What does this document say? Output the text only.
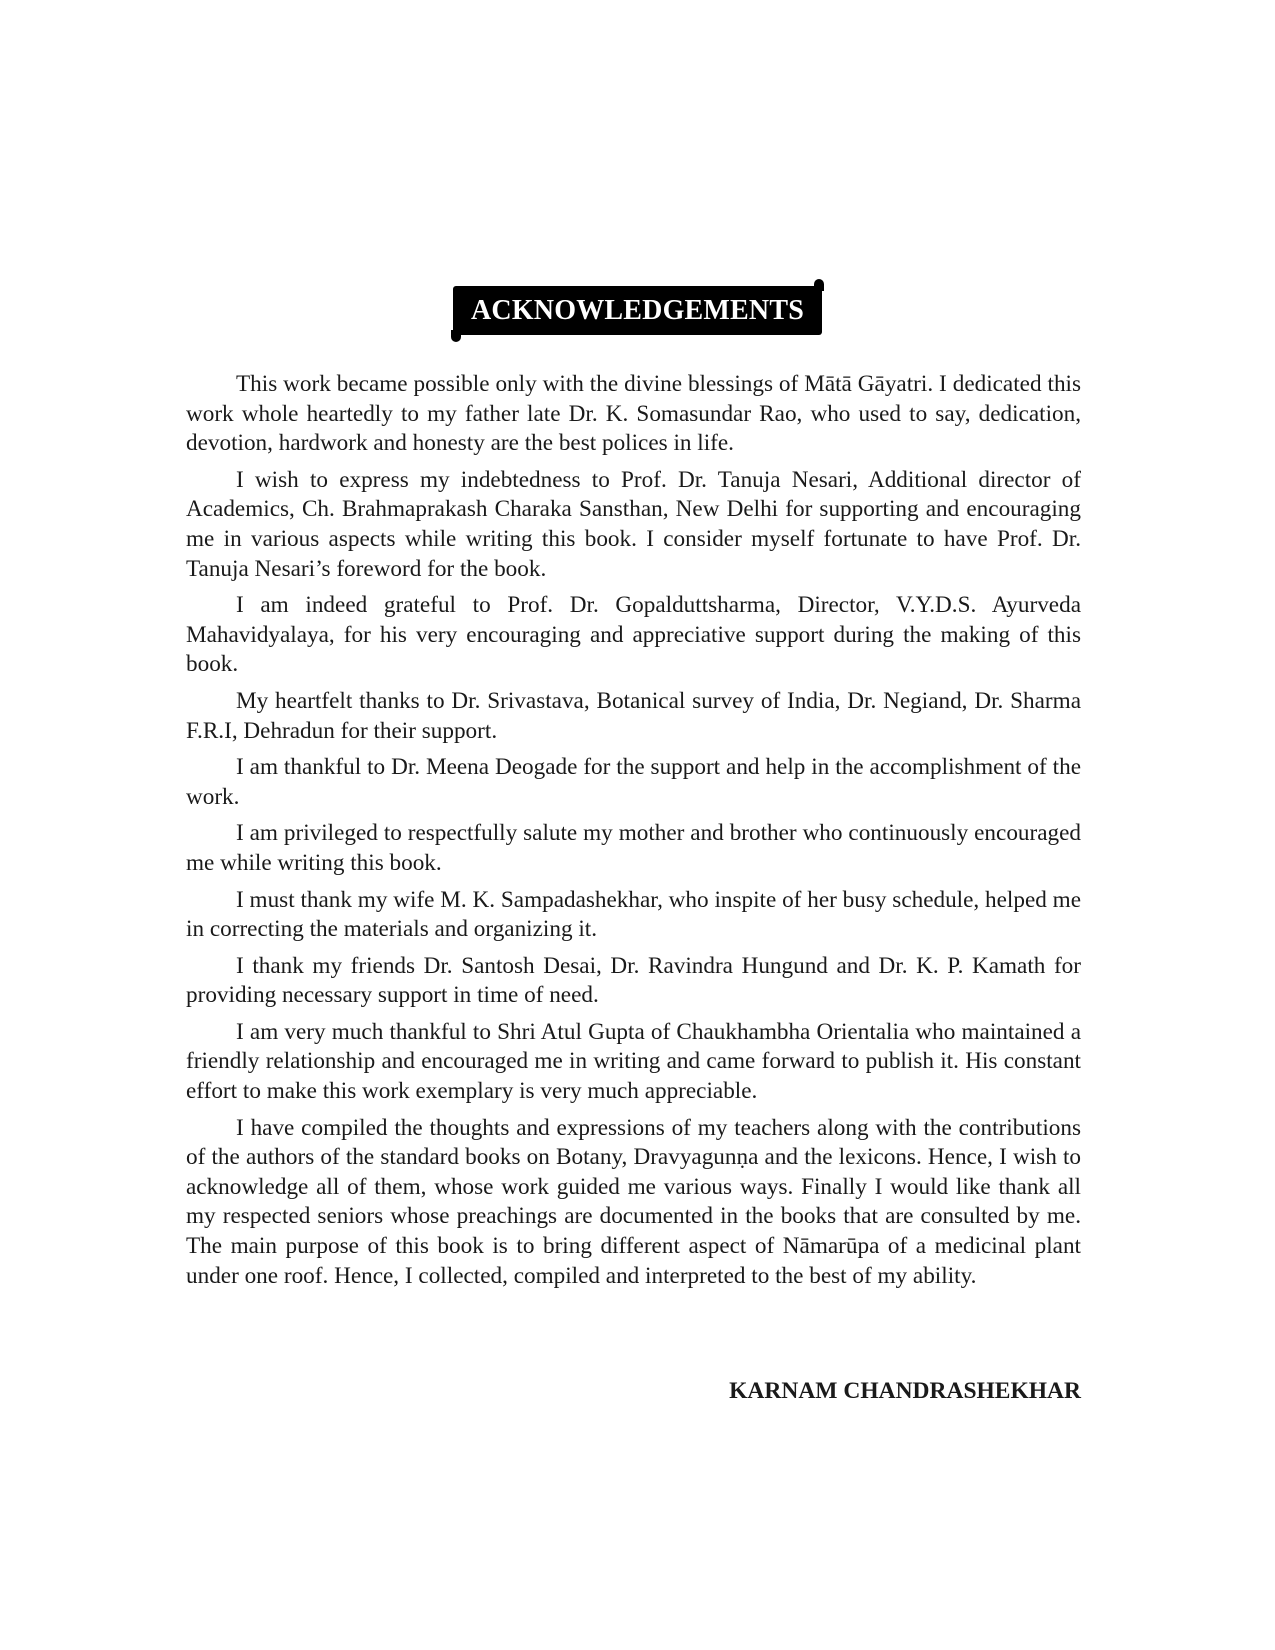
ACKNOWLEDGEMENTS

This work became possible only with the divine blessings of Mātā Gāyatri. I dedicated this work whole heartedly to my father late Dr. K. Somasundar Rao, who used to say, dedication, devotion, hardwork and honesty are the best polices in life.

I wish to express my indebtedness to Prof. Dr. Tanuja Nesari, Additional director of Academics, Ch. Brahmaprakash Charaka Sansthan, New Delhi for supporting and encouraging me in various aspects while writing this book. I consider myself fortunate to have Prof. Dr. Tanuja Nesari’s foreword for the book.

I am indeed grateful to Prof. Dr. Gopalduttsharma, Director, V.Y.D.S. Ayurveda Mahavidyalaya, for his very encouraging and appreciative support during the making of this book.

My heartfelt thanks to Dr. Srivastava, Botanical survey of India, Dr. Negiand, Dr. Sharma F.R.I, Dehradun for their support.

I am thankful to Dr. Meena Deogade for the support and help in the accomplishment of the work.

I am privileged to respectfully salute my mother and brother who continuously encouraged me while writing this book.

I must thank my wife M. K. Sampadashekhar, who inspite of her busy schedule, helped me in correcting the materials and organizing it.

I thank my friends Dr. Santosh Desai, Dr. Ravindra Hungund and Dr. K. P. Kamath for providing necessary support in time of need.

I am very much thankful to Shri Atul Gupta of Chaukhambha Orientalia who maintained a friendly relationship and encouraged me in writing and came forward to publish it. His constant effort to make this work exemplary is very much appreciable.

I have compiled the thoughts and expressions of my teachers along with the contributions of the authors of the standard books on Botany, Dravyagunṇa and the lexicons. Hence, I wish to acknowledge all of them, whose work guided me various ways. Finally I would like thank all my respected seniors whose preachings are documented in the books that are consulted by me. The main purpose of this book is to bring different aspect of Nāmarūpa of a medicinal plant under one roof. Hence, I collected, compiled and interpreted to the best of my ability.

KARNAM CHANDRASHEKHAR
